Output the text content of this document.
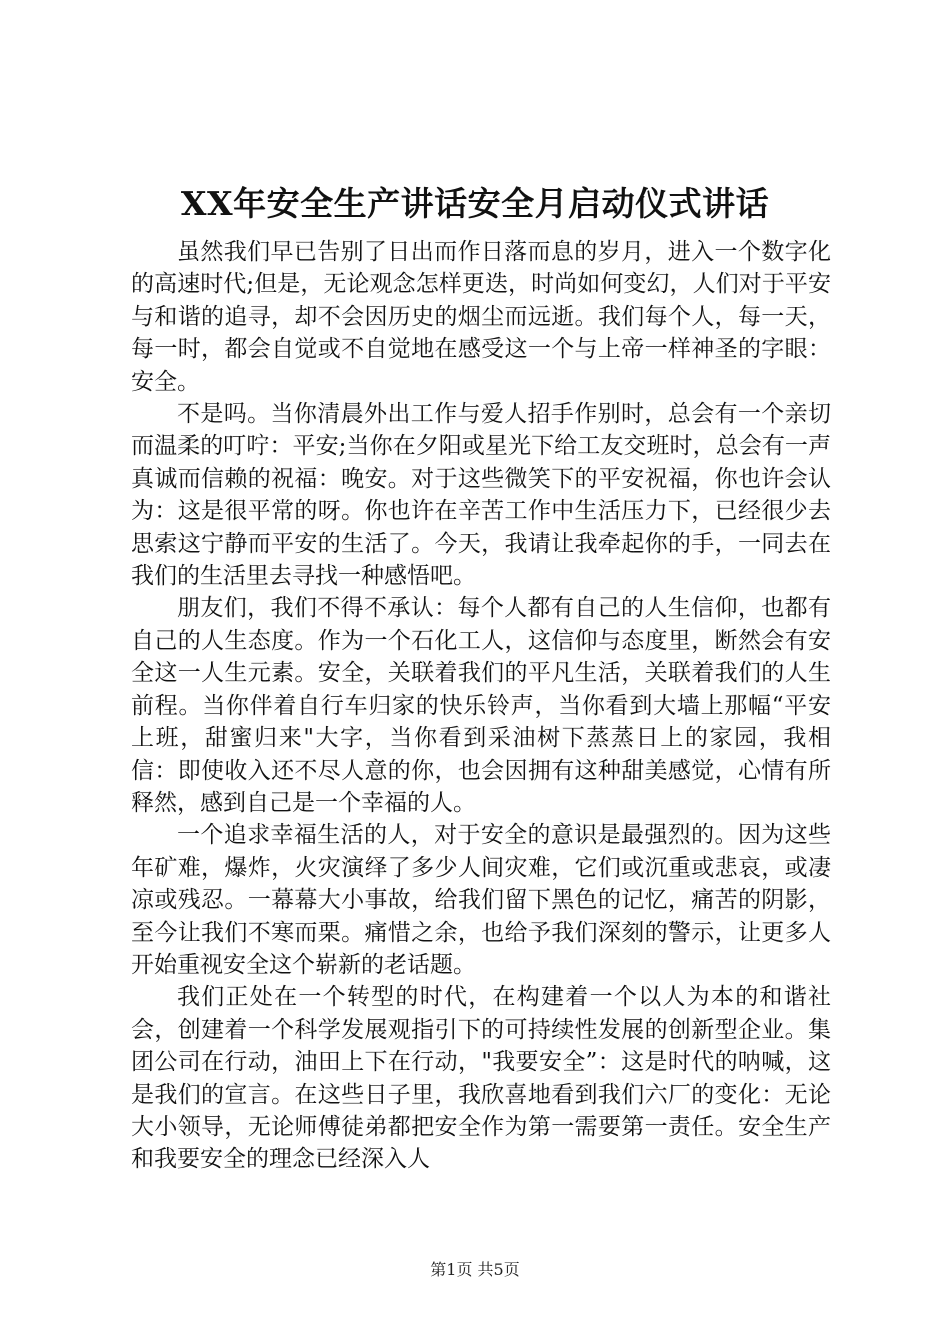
XX年安全生产讲话安全月启动仪式讲话

虽然我们早已告别了日出而作日落而息的岁月，进入一个数字化的高速时代;但是，无论观念怎样更迭，时尚如何变幻，人们对于平安与和谐的追寻，却不会因历史的烟尘而远逝。我们每个人，每一天，每一时，都会自觉或不自觉地在感受这一个与上帝一样神圣的字眼：安全。

不是吗。当你清晨外出工作与爱人招手作别时，总会有一个亲切而温柔的叮咛：平安;当你在夕阳或星光下给工友交班时，总会有一声真诚而信赖的祝福：晚安。对于这些微笑下的平安祝福，你也许会认为：这是很平常的呀。你也许在辛苦工作中生活压力下，已经很少去思索这宁静而平安的生活了。今天，我请让我牵起你的手，一同去在我们的生活里去寻找一种感悟吧。

朋友们，我们不得不承认：每个人都有自己的人生信仰，也都有自己的人生态度。作为一个石化工人，这信仰与态度里，断然会有安全这一人生元素。安全，关联着我们的平凡生活，关联着我们的人生前程。当你伴着自行车归家的快乐铃声，当你看到大墙上那幅“平安上班，甜蜜归来"大字，当你看到采油树下蒸蒸日上的家园，我相信：即使收入还不尽人意的你，也会因拥有这种甜美感觉，心情有所释然，感到自己是一个幸福的人。

一个追求幸福生活的人，对于安全的意识是最强烈的。因为这些年矿难，爆炸，火灾演绎了多少人间灾难，它们或沉重或悲哀，或凄凉或残忍。一幕幕大小事故，给我们留下黑色的记忆，痛苦的阴影，至今让我们不寒而栗。痛惜之余，也给予我们深刻的警示，让更多人开始重视安全这个崭新的老话题。

我们正处在一个转型的时代，在构建着一个以人为本的和谐社会，创建着一个科学发展观指引下的可持续性发展的创新型企业。集团公司在行动，油田上下在行动，"我要安全”：这是时代的呐喊，这是我们的宣言。在这些日子里，我欣喜地看到我们六厂的变化：无论大小领导，无论师傅徒弟都把安全作为第一需要第一责任。安全生产和我要安全的理念已经深入人

第1页 共5页
